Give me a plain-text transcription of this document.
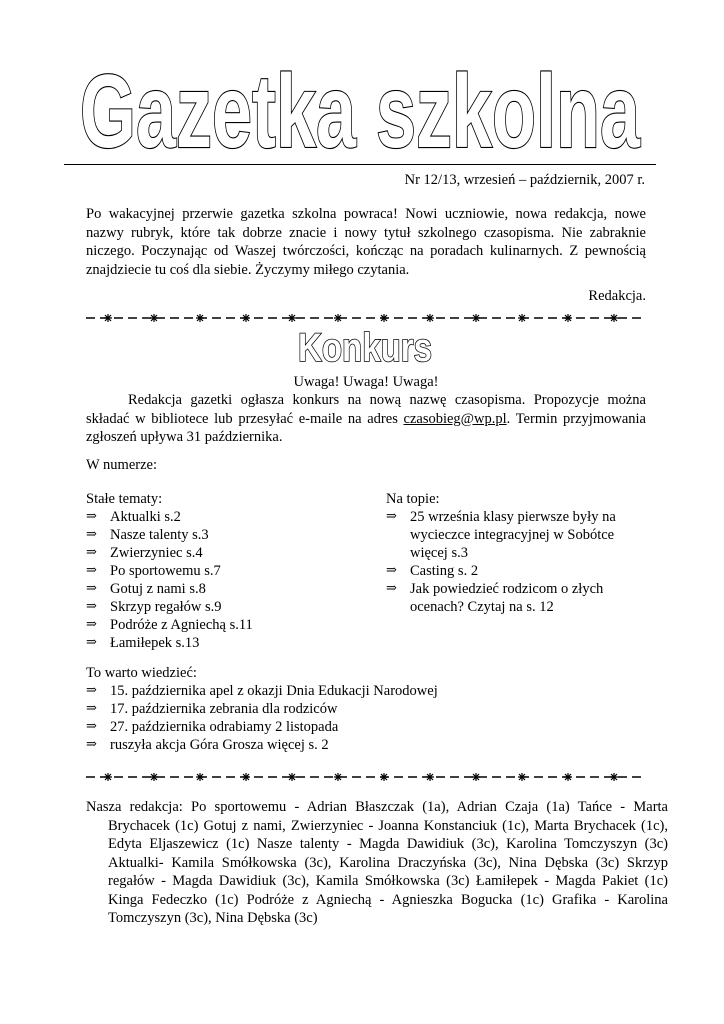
Gazetka szkolna
Nr 12/13, wrzesień – październik, 2007 r.
Po wakacyjnej przerwie gazetka szkolna powraca! Nowi uczniowie, nowa redakcja, nowe nazwy rubryk, które tak dobrze znacie i nowy tytuł szkolnego czasopisma. Nie zabraknie niczego. Poczynając od Waszej twórczości, kończąc na poradach kulinarnych. Z pewnością znajdziecie tu coś dla siebie. Życzymy miłego czytania.
Redakcja.
Konkurs
Uwaga! Uwaga! Uwaga!
Redakcja gazetki ogłasza konkurs na nową nazwę czasopisma. Propozycje można składać w bibliotece lub przesyłać e-maile na adres czasobieg@wp.pl. Termin przyjmowania zgłoszeń upływa 31 października.
W numerze:
Stałe tematy:
⇒ Aktualki s.2
⇒ Nasze talenty s.3
⇒ Zwierzyniec s.4
⇒ Po sportowemu s.7
⇒ Gotuj z nami s.8
⇒ Skrzyp regałów s.9
⇒ Podróże z Agniechą s.11
⇒ Łamiłepek s.13
Na topie:
⇒ 25 września klasy pierwsze były na wycieczce integracyjnej w Sobótce więcej s.3
⇒ Casting s. 2
⇒ Jak powiedzieć rodzicom o złych ocenach? Czytaj na s. 12
To warto wiedzieć:
⇒ 15. października apel z okazji Dnia Edukacji Narodowej
⇒ 17. października zebrania dla rodziców
⇒ 27. października odrabiamy 2 listopada
⇒ ruszyła akcja Góra Grosza więcej s. 2
Nasza redakcja: Po sportowemu - Adrian Błaszczak (1a), Adrian Czaja (1a) Tańce - Marta Brychacek (1c) Gotuj z nami, Zwierzyniec - Joanna Konstanciuk (1c), Marta Brychacek (1c), Edyta Eljaszewicz (1c) Nasze talenty - Magda Dawidiuk (3c), Karolina Tomczyszyn (3c) Aktualki- Kamila Smółkowska (3c), Karolina Draczyńska (3c), Nina Dębska (3c) Skrzyp regałów - Magda Dawidiuk (3c), Kamila Smółkowska (3c) Łamiłepek - Magda Pakiet (1c) Kinga Fedeczko (1c) Podróże z Agniechą - Agnieszka Bogucka (1c) Grafika - Karolina Tomczyszyn (3c), Nina Dębska (3c)
